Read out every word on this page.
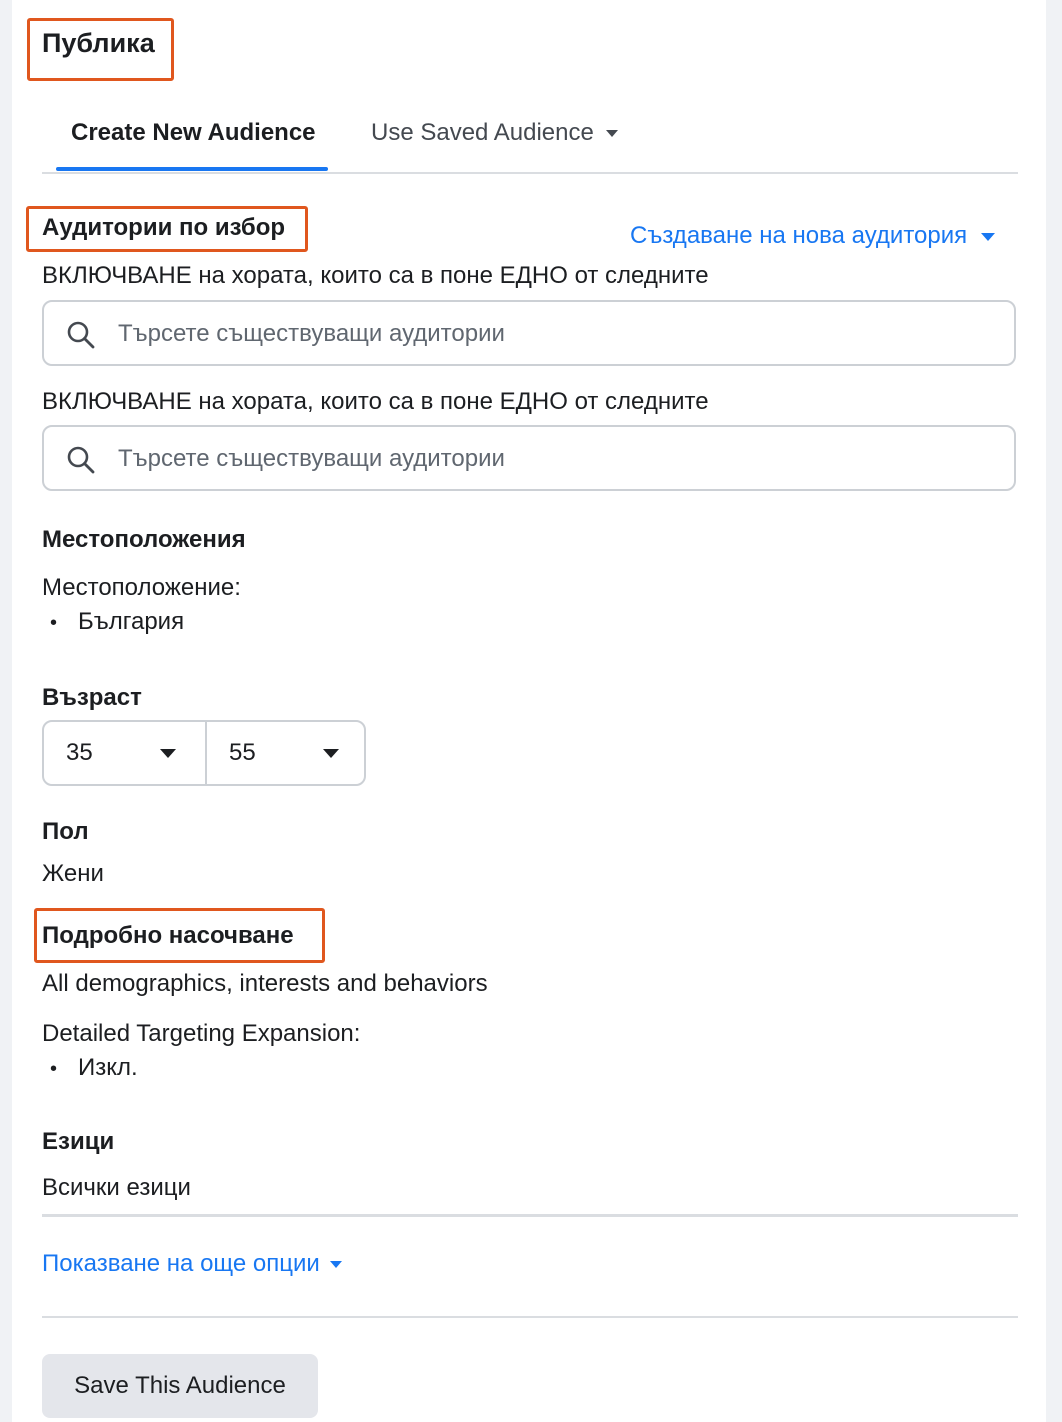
Публика
Create New Audience Use Saved Audience
Аудитории по избор	Създаване на нова аудитория
ВКЛЮЧВАНЕ на хората, които са в поне ЕДНО от следните
Търсете съществуващи аудитории
ВКЛЮЧВАНЕ на хората, които са в поне ЕДНО от следните
Търсете съществуващи аудитории
Местоположения
Местоположение:
• България
Възраст
35	55
Пол
Жени
Подробно насочване
All demographics, interests and behaviors
Detailed Targeting Expansion:
• Изкл.
Езици
Всички езици
Показване на още опции
Save This Audience
